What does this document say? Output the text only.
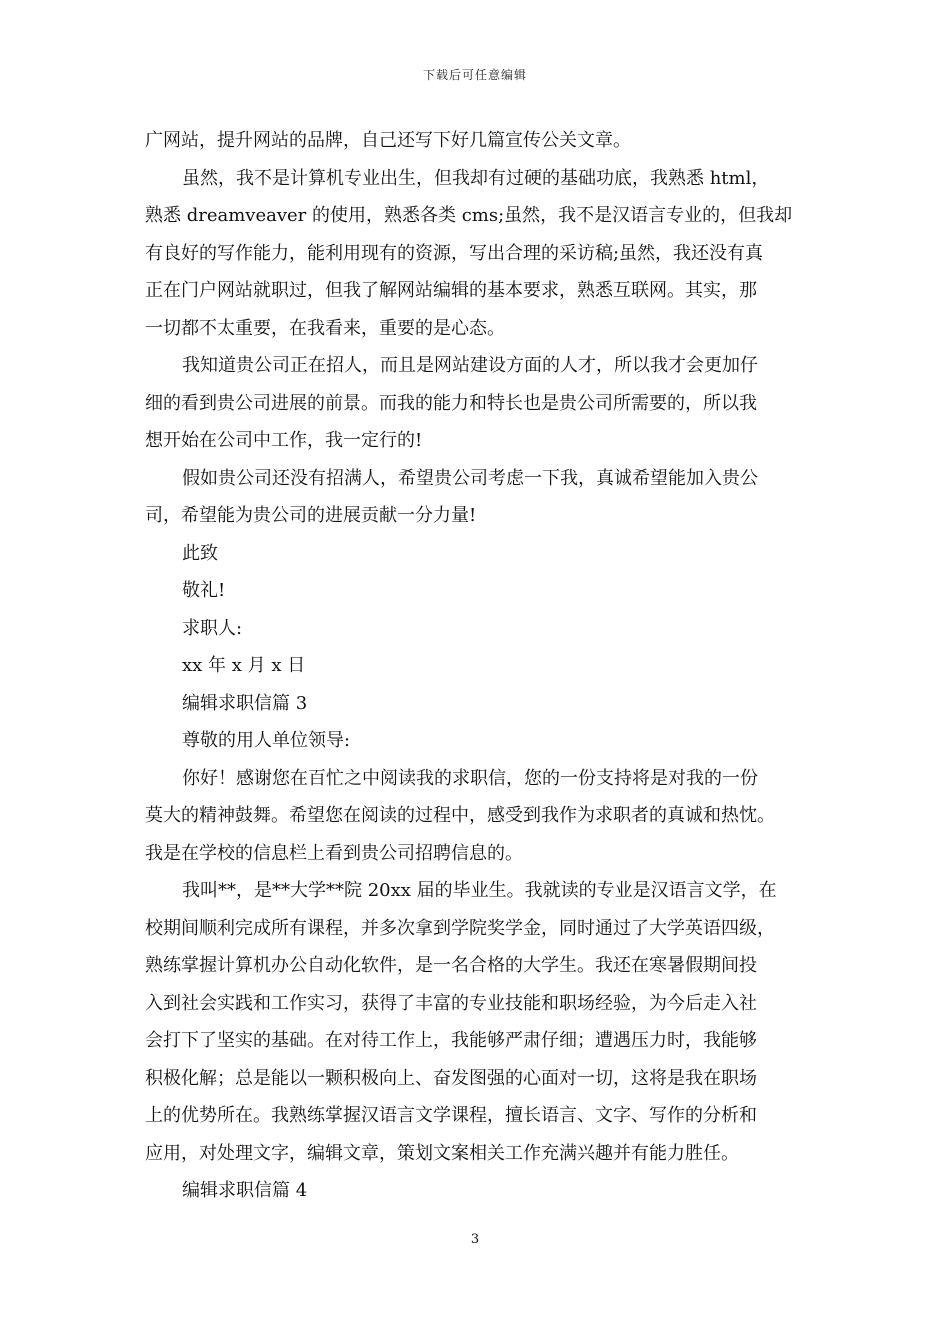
下载后可任意编辑
广网站，提升网站的品牌，自己还写下好几篇宣传公关文章。
虽然，我不是计算机专业出生，但我却有过硬的基础功底，我熟悉 html，
熟悉 dreamveaver 的使用，熟悉各类 cms;虽然，我不是汉语言专业的，但我却
有良好的写作能力，能利用现有的资源，写出合理的采访稿;虽然，我还没有真
正在门户网站就职过，但我了解网站编辑的基本要求，熟悉互联网。其实，那
一切都不太重要，在我看来，重要的是心态。
我知道贵公司正在招人，而且是网站建设方面的人才，所以我才会更加仔
细的看到贵公司进展的前景。而我的能力和特长也是贵公司所需要的，所以我
想开始在公司中工作，我一定行的!
假如贵公司还没有招满人，希望贵公司考虑一下我，真诚希望能加入贵公
司，希望能为贵公司的进展贡献一分力量!
此致
敬礼!
求职人:
xx 年 x 月 x 日
编辑求职信篇 3
尊敬的用人单位领导:
你好！感谢您在百忙之中阅读我的求职信，您的一份支持将是对我的一份
莫大的精神鼓舞。希望您在阅读的过程中，感受到我作为求职者的真诚和热忱。
我是在学校的信息栏上看到贵公司招聘信息的。
我叫**，是**大学**院 20xx 届的毕业生。我就读的专业是汉语言文学，在
校期间顺利完成所有课程，并多次拿到学院奖学金，同时通过了大学英语四级，
熟练掌握计算机办公自动化软件，是一名合格的大学生。我还在寒暑假期间投
入到社会实践和工作实习，获得了丰富的专业技能和职场经验，为今后走入社
会打下了坚实的基础。在对待工作上，我能够严肃仔细；遭遇压力时，我能够
积极化解；总是能以一颗积极向上、奋发图强的心面对一切，这将是我在职场
上的优势所在。我熟练掌握汉语言文学课程，擅长语言、文字、写作的分析和
应用，对处理文字，编辑文章，策划文案相关工作充满兴趣并有能力胜任。
编辑求职信篇 4
3
